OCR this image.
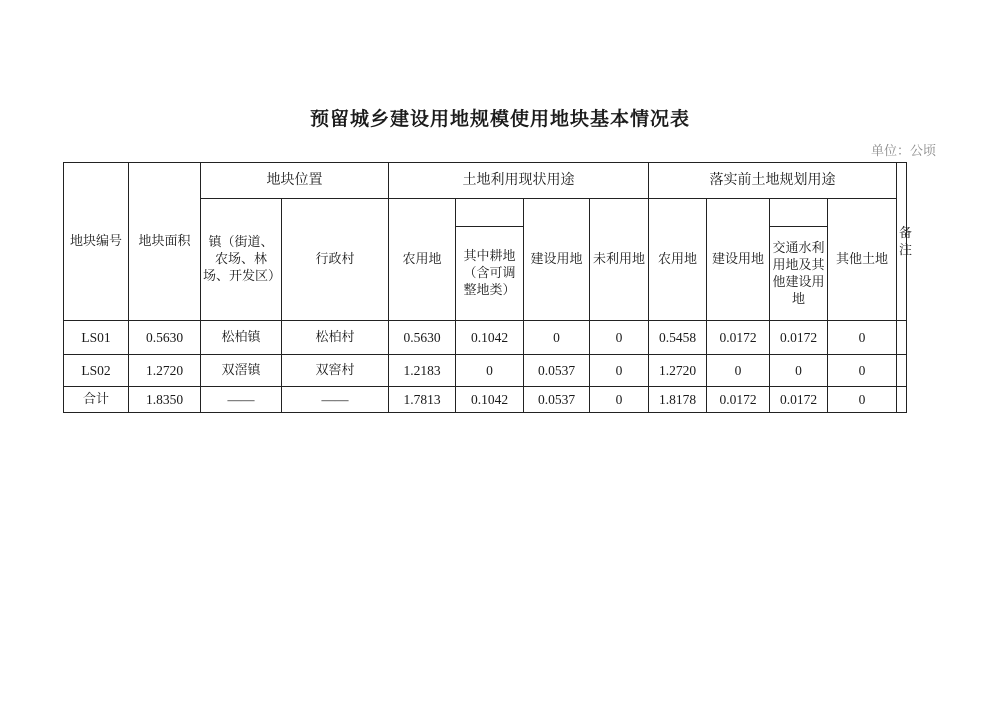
预留城乡建设用地规模使用地块基本情况表
单位：公顷
地块编号	地块面积	地块位置		土地利用现状用途				落实前土地规划用途				备注
		镇（街道、农场、林场、开发区）	行政村	农用地		建设用地	未利用地	农用地	建设用地		其他土地	
					其中耕地（含可调整地类）					交通水利用地及其他建设用地		
LS01	0.5630	松柏镇	松柏村	0.5630	0.1042	0	0	0.5458	0.0172	0.0172	0	
LS02	1.2720	双滘镇	双窖村	1.2183	0	0.0537	0	1.2720	0	0	0	
合计	1.8350	——	——	1.7813	0.1042	0.0537	0	1.8178	0.0172	0.0172	0	
